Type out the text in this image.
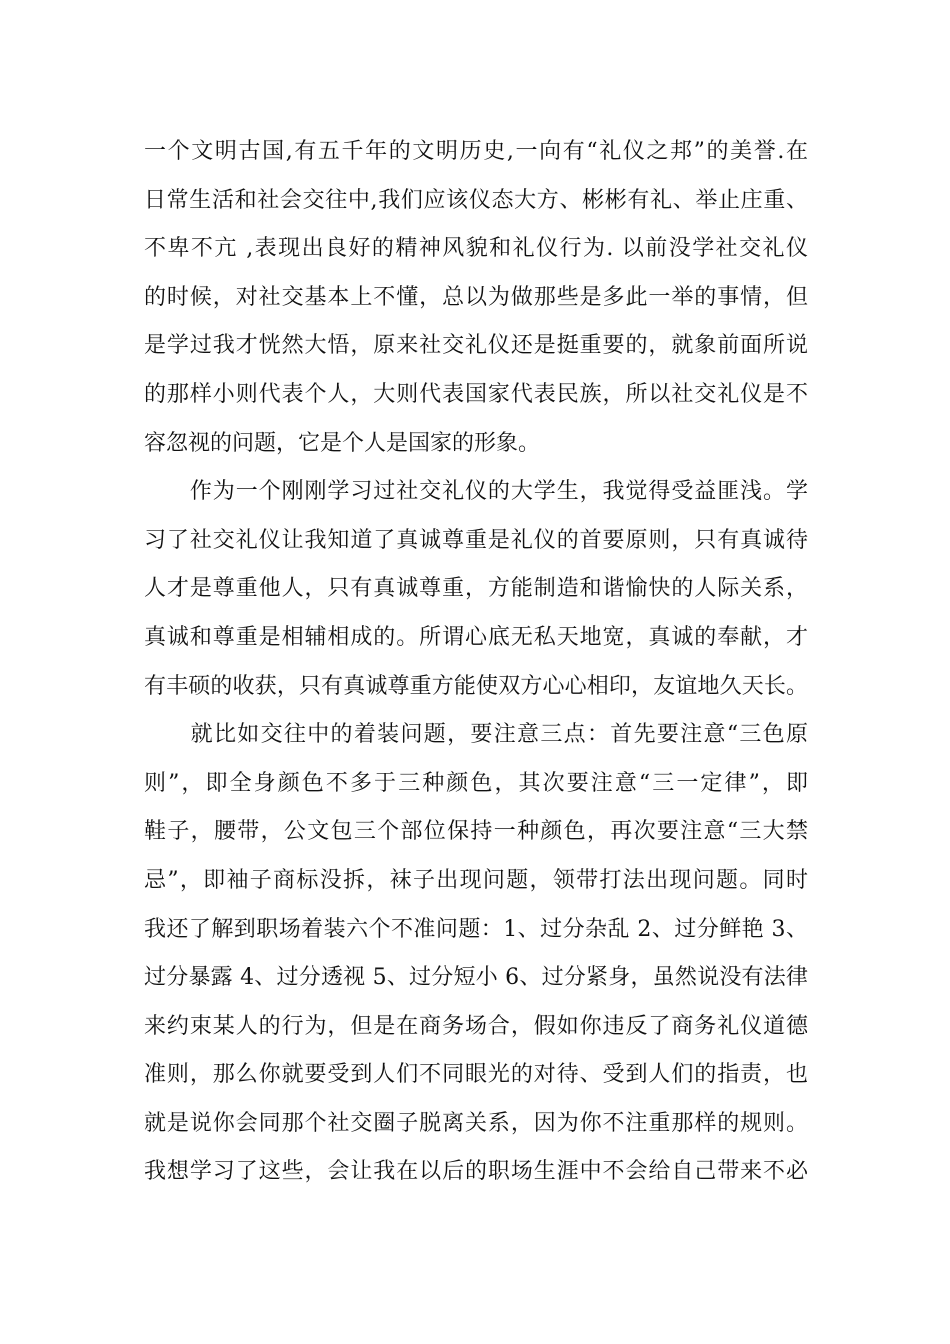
一个文明古国,有五千年的文明历史,一向有“礼仪之邦”的美誉.在
日常生活和社会交往中,我们应该仪态大方、彬彬有礼、举止庄重、
不卑不亢 ,表现出良好的精神风貌和礼仪行为. 以前没学社交礼仪
的时候，对社交基本上不懂，总以为做那些是多此一举的事情，但
是学过我才恍然大悟，原来社交礼仪还是挺重要的，就象前面所说
的那样小则代表个人，大则代表国家代表民族，所以社交礼仪是不
容忽视的问题，它是个人是国家的形象。
　　作为一个刚刚学习过社交礼仪的大学生，我觉得受益匪浅。学
习了社交礼仪让我知道了真诚尊重是礼仪的首要原则，只有真诚待
人才是尊重他人，只有真诚尊重，方能制造和谐愉快的人际关系，
真诚和尊重是相辅相成的。所谓心底无私天地宽，真诚的奉献，才
有丰硕的收获，只有真诚尊重方能使双方心心相印，友谊地久天长。
　　就比如交往中的着装问题，要注意三点：首先要注意“三色原
则”，即全身颜色不多于三种颜色，其次要注意“三一定律”，即
鞋子，腰带，公文包三个部位保持一种颜色，再次要注意“三大禁
忌”，即袖子商标没拆，袜子出现问题，领带打法出现问题。同时
我还了解到职场着装六个不准问题：1、过分杂乱 2、过分鲜艳 3、
过分暴露 4、过分透视 5、过分短小 6、过分紧身，虽然说没有法律
来约束某人的行为，但是在商务场合，假如你违反了商务礼仪道德
准则，那么你就要受到人们不同眼光的对待、受到人们的指责，也
就是说你会同那个社交圈子脱离关系，因为你不注重那样的规则。
我想学习了这些，会让我在以后的职场生涯中不会给自己带来不必
